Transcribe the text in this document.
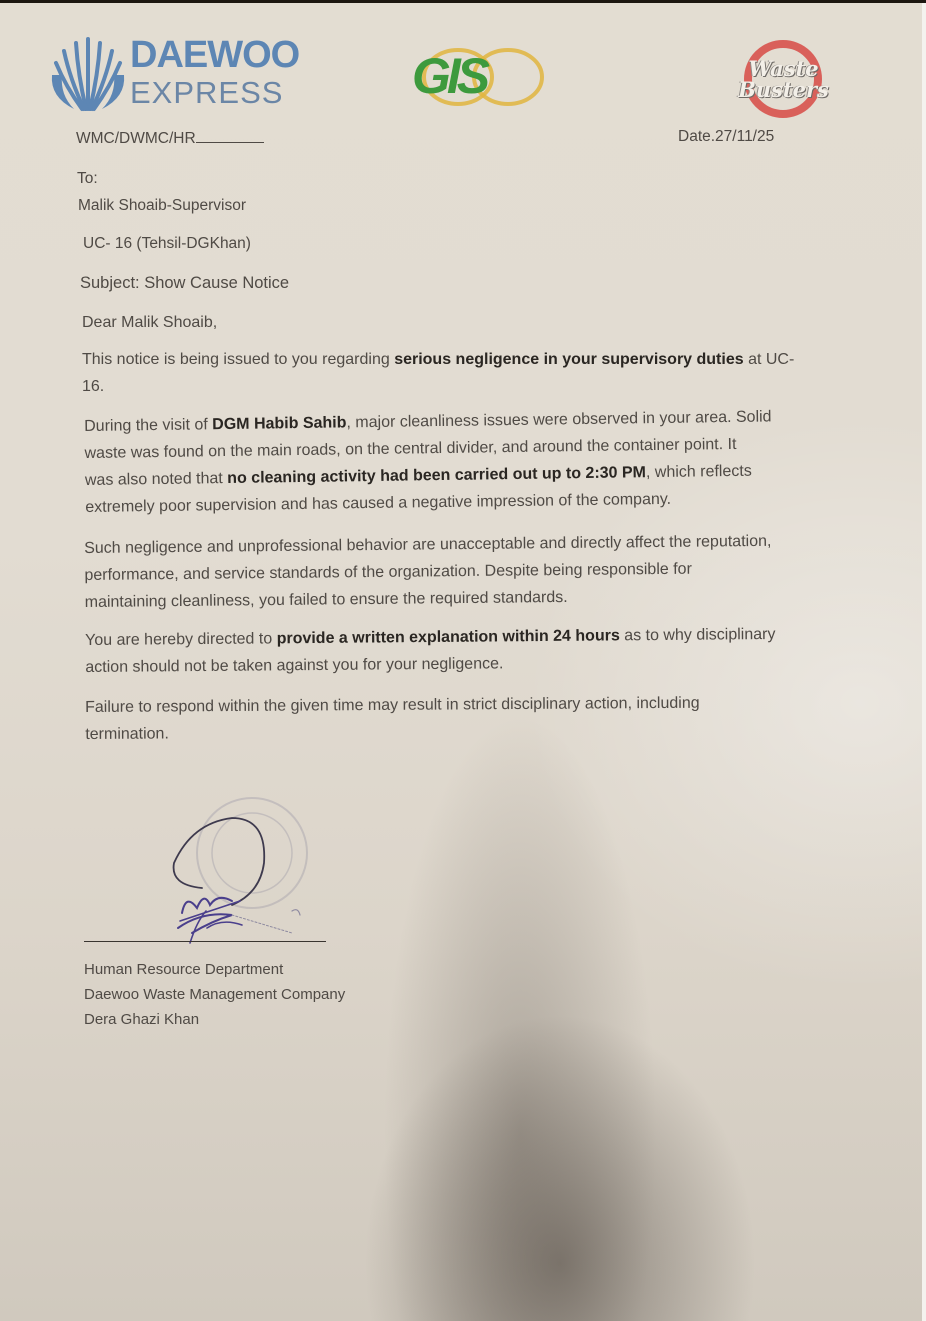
DAEWOO
EXPRESS	GIS	Waste
Busters
WMC/DWMC/HR	Date.27/11/25
To:
Malik Shoaib-Supervisor
UC- 16 (Tehsil-DGKhan)
Subject: Show Cause Notice
Dear Malik Shoaib,
This notice is being issued to you regarding serious negligence in your supervisory duties at UC-
16.
During the visit of DGM Habib Sahib, major cleanliness issues were observed in your area. Solid
waste was found on the main roads, on the central divider, and around the container point. It
was also noted that no cleaning activity had been carried out up to 2:30 PM, which reflects
extremely poor supervision and has caused a negative impression of the company.
Such negligence and unprofessional behavior are unacceptable and directly affect the reputation,
performance, and service standards of the organization. Despite being responsible for
maintaining cleanliness, you failed to ensure the required standards.
You are hereby directed to provide a written explanation within 24 hours as to why disciplinary
action should not be taken against you for your negligence.
Failure to respond within the given time may result in strict disciplinary action, including
termination.
Human Resource Department
Daewoo Waste Management Company
Dera Ghazi Khan
